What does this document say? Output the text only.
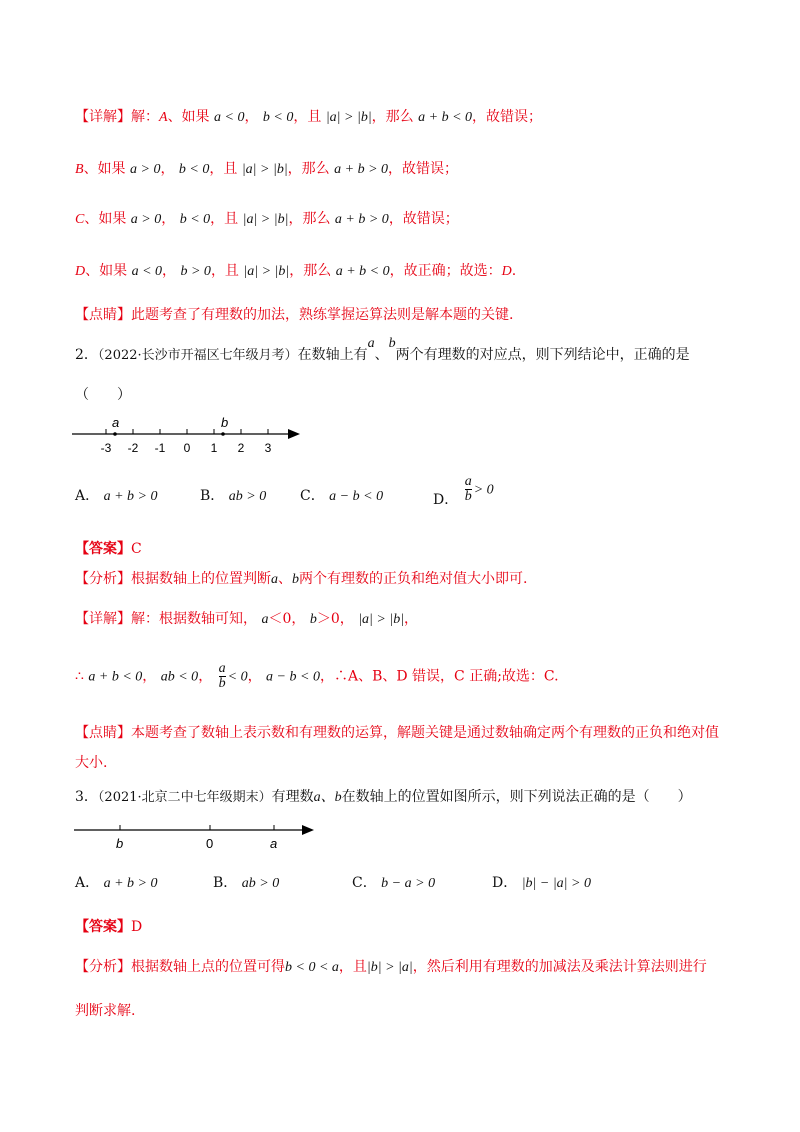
【详解】解：A、如果 a < 0， b < 0，且 |a| > |b|，那么 a + b < 0，故错误；
B、如果 a > 0， b < 0，且 |a| > |b|，那么 a + b > 0，故错误；
C、如果 a > 0， b < 0，且 |a| > |b|，那么 a + b > 0，故错误；
D、如果 a < 0， b > 0，且 |a| > |b|，那么 a + b < 0，故正确；故选：D.
【点睛】此题考查了有理数的加法，熟练掌握运算法则是解本题的关键.
2．（2022·长沙市开福区七年级月考）在数轴上有a、b两个有理数的对应点，则下列结论中，正确的是
（　　）
-3 -2 -1 0 1 2 3
a	b
A． a + b > 0	B． ab > 0 C． a − b < 0	D． $\frac{a}{b} > 0$
【答案】C
【分析】根据数轴上的位置判断a、b两个有理数的正负和绝对值大小即可.
【详解】解：根据数轴可知， a＜0， b＞0， |a| > |b|，
∴ a + b < 0， ab < 0， $\frac{a}{b} < 0$， a − b < 0，∴A、B、D 错误，C 正确;故选：C.
【点睛】本题考查了数轴上表示数和有理数的运算，解题关键是通过数轴确定两个有理数的正负和绝对值
大小.
3．（2021·北京二中七年级期末）有理数a、b在数轴上的位置如图所示，则下列说法正确的是（　　）
b	0	a
A． a + b > 0	B． ab > 0	C． b − a > 0	D． |b| − |a| > 0
【答案】D
【分析】根据数轴上点的位置可得b < 0 < a，且|b| > |a|，然后利用有理数的加减法及乘法计算法则进行
判断求解.
